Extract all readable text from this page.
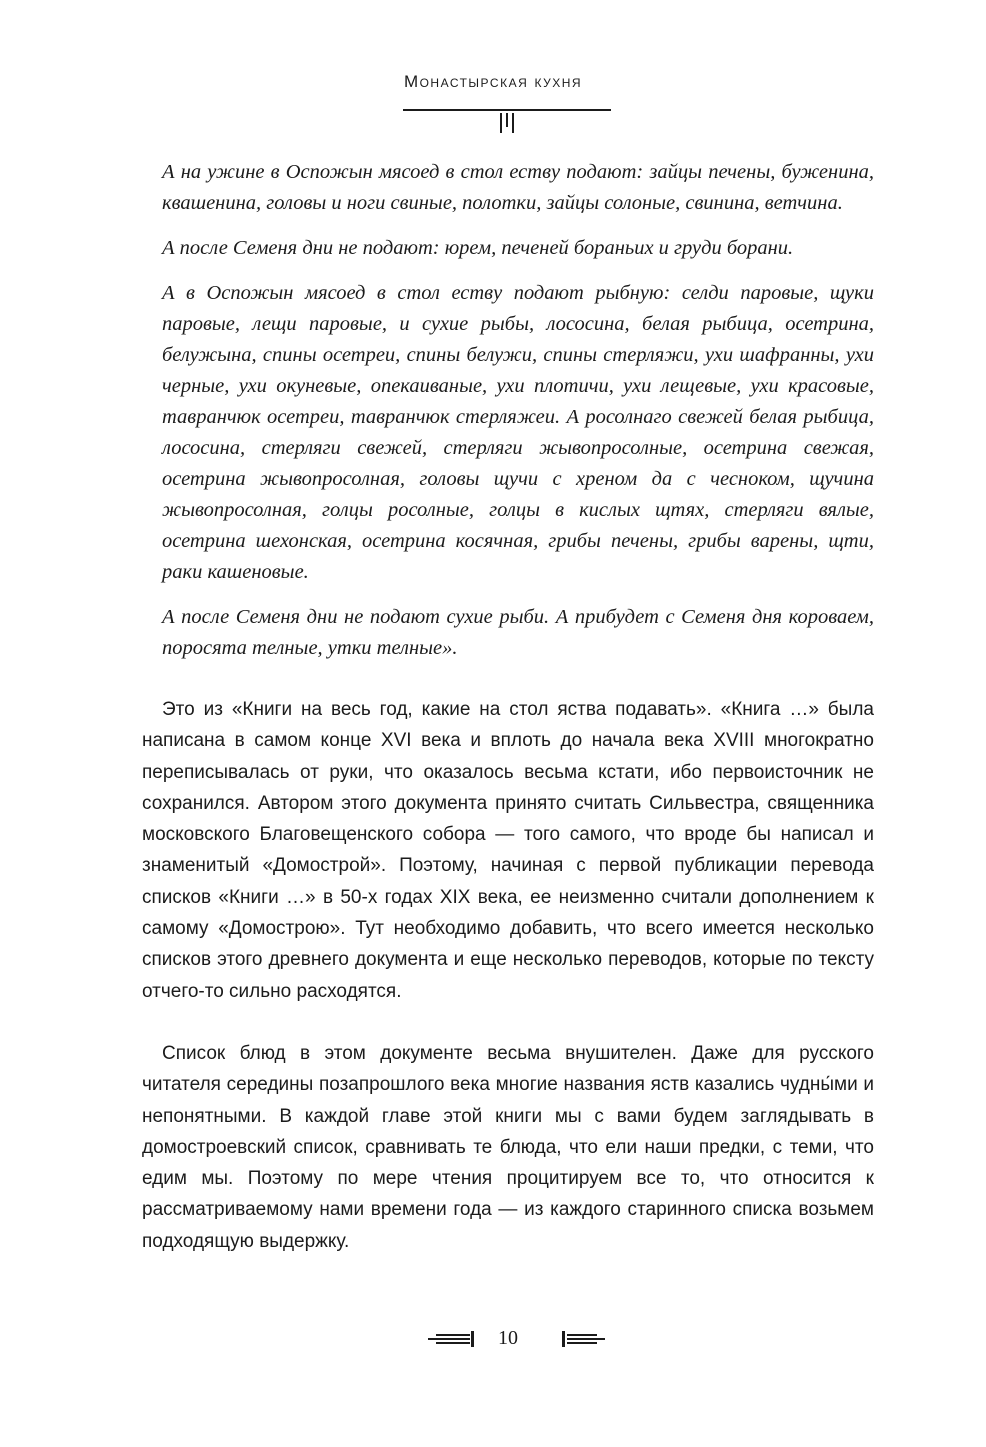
Монастырская кухня

А на ужине в Оспожын мясоед в стол еству подают: зайцы печены, буженина, квашенина, головы и ноги свиные, полотки, зайцы солоные, свинина, ветчина.

А после Семеня дни не подают: юрем, печеней бораньих и груди борани.

А в Оспожын мясоед в стол еству подают рыбную: селди паровые, щуки паровые, лещи паровые, и сухие рыбы, лососина, белая рыбица, осетрина, белужына, спины осетреи, спины белужи, спины стерляжи, ухи шафранны, ухи черные, ухи окуневые, опекаиваные, ухи плотичи, ухи лещевые, ухи красовые, тавранчюк осетреи, тавранчюк стерляжеи. А росолнаго свежей белая рыбица, лососина, стерляги свежей, стерляги жывопросолные, осетрина свежая, осетрина жывопросолная, головы щучи с хреном да с чесноком, щучина жывопросолная, голцы росолные, голцы в кислых щтях, стерляги вялые, осетрина шехонская, осетрина косячная, грибы печены, грибы варены, щти, раки кашеновые.

А после Семеня дни не подают сухие рыби. А прибудет с Семеня дня короваем, поросята телные, утки телные».

Это из «Книги на весь год, какие на стол яства подавать». «Книга …» была написана в самом конце XVI века и вплоть до начала века XVIII многократно переписывалась от руки, что оказалось весьма кстати, ибо первоисточник не сохранился. Автором этого документа принято считать Сильвестра, священника московского Благовещенского собора — того самого, что вроде бы написал и знаменитый «Домострой». Поэтому, начиная с первой публикации перевода списков «Книги …» в 50-х годах XIX века, ее неизменно считали дополнением к самому «Домострою». Тут необходимо добавить, что всего имеется несколько списков этого древнего документа и еще несколько переводов, которые по тексту отчего-то сильно расходятся.

Список блюд в этом документе весьма внушителен. Даже для русского читателя середины позапрошлого века многие названия яств казались чудны́ми и непонятными. В каждой главе этой книги мы с вами будем заглядывать в домостроевский список, сравнивать те блюда, что ели наши предки, с теми, что едим мы. Поэтому по мере чтения процитируем все то, что относится к рассматриваемому нами времени года — из каждого старинного списка возьмем подходящую выдержку.

10
